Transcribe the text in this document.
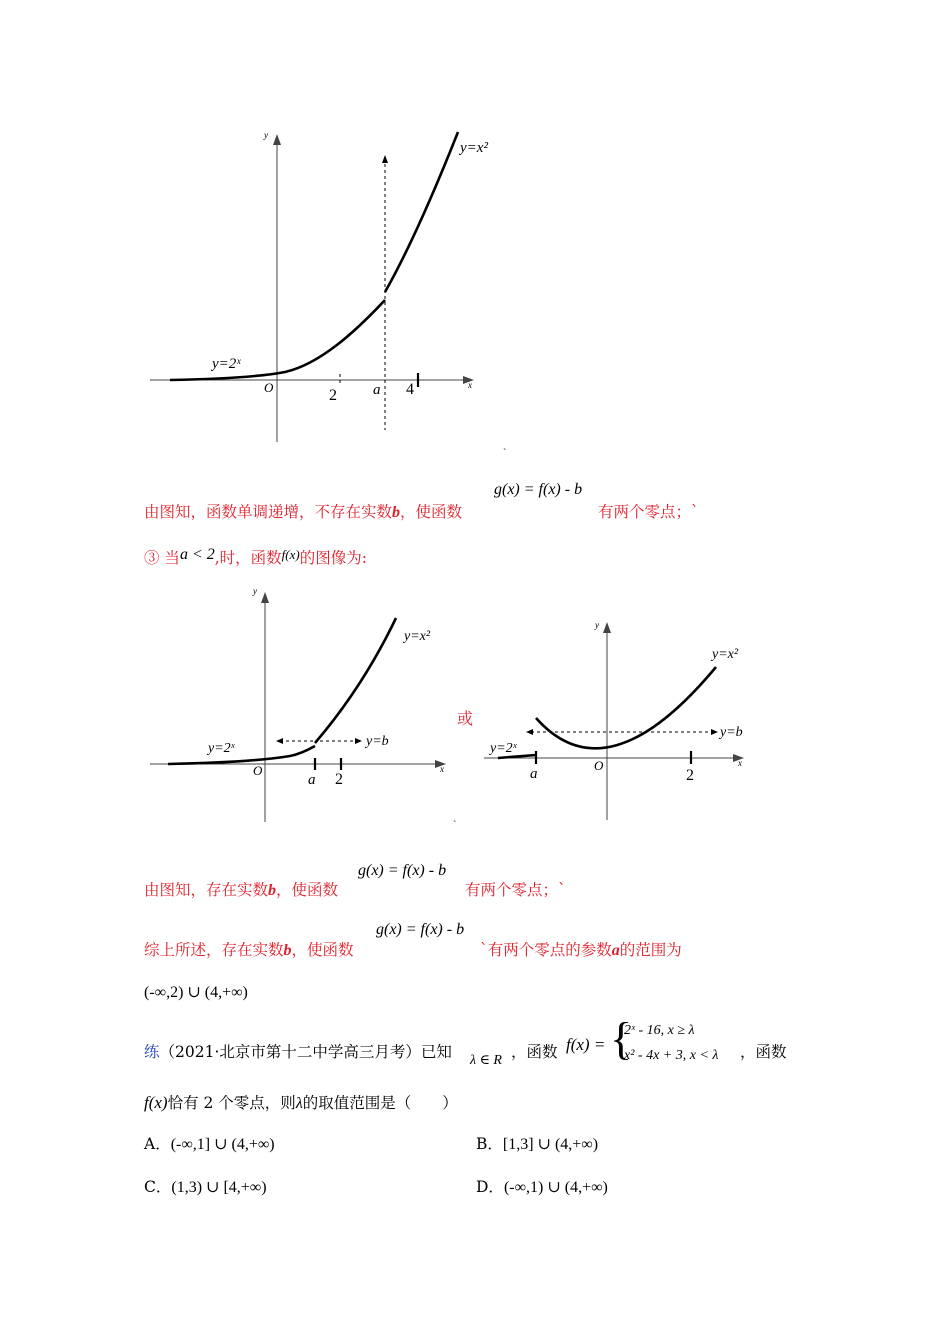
y
x
O
y=x²
y=2ˣ
2 a 4
`
g(x) = f(x) - b
由图知，函数单调递增，不存在实数b，使函数	有两个零点；`
③ 当a < 2,时，函数$^{f(x)}$的图像为:
y
x
O
y=x²
y=2ˣ	y=b
a 2
`
或
y
x
O
y=x²
y=2ˣ
y=b
a	2
g(x) = f(x) - b
由图知，存在实数b，使函数	有两个零点；`
g(x) = f(x) - b
综上所述，存在实数b，使函数	`有两个零点的参数a的范围为
(-∞,2) ∪ (4,+∞)
练（2021·北京市第十二中学高三月考）已知 λ ∈ R ，函数 f(x) = {
2ˣ - 16, x ≥ λ
x² - 4x + 3, x < λ ，函数
f(x)恰有 2 个零点，则λ的取值范围是（　　）
A．(-∞,1] ∪ (4,+∞)	B．[1,3] ∪ (4,+∞)
C．(1,3) ∪ [4,+∞)	D．(-∞,1) ∪ (4,+∞)
